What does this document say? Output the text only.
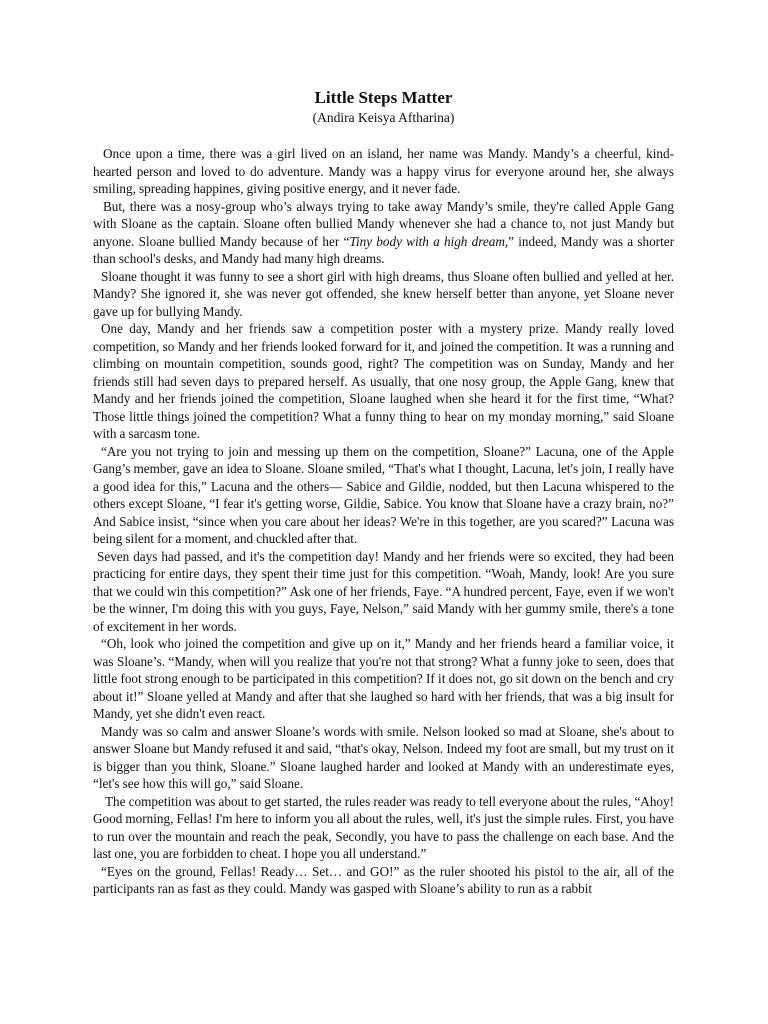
Little Steps Matter

(Andira Keisya Aftharina)

Once upon a time, there was a girl lived on an island, her name was Mandy. Mandy’s a cheerful, kind-hearted person and loved to do adventure. Mandy was a happy virus for everyone around her, she always smiling, spreading happines, giving positive energy, and it never fade.

But, there was a nosy-group who’s always trying to take away Mandy’s smile, they're called Apple Gang with Sloane as the captain. Sloane often bullied Mandy whenever she had a chance to, not just Mandy but anyone. Sloane bullied Mandy because of her “Tiny body with a high dream,” indeed, Mandy was a shorter than school's desks, and Mandy had many high dreams.

Sloane thought it was funny to see a short girl with high dreams, thus Sloane often bullied and yelled at her. Mandy? She ignored it, she was never got offended, she knew herself better than anyone, yet Sloane never gave up for bullying Mandy.

One day, Mandy and her friends saw a competition poster with a mystery prize. Mandy really loved competition, so Mandy and her friends looked forward for it, and joined the competition. It was a running and climbing on mountain competition, sounds good, right? The competition was on Sunday, Mandy and her friends still had seven days to prepared herself. As usually, that one nosy group, the Apple Gang, knew that Mandy and her friends joined the competition, Sloane laughed when she heard it for the first time, “What? Those little things joined the competition? What a funny thing to hear on my monday morning,” said Sloane with a sarcasm tone.

“Are you not trying to join and messing up them on the competition, Sloane?” Lacuna, one of the Apple Gang’s member, gave an idea to Sloane. Sloane smiled, “That's what I thought, Lacuna, let's join, I really have a good idea for this,” Lacuna and the others— Sabice and Gildie, nodded, but then Lacuna whispered to the others except Sloane, “I fear it's getting worse, Gildie, Sabice. You know that Sloane have a crazy brain, no?” And Sabice insist, “since when you care about her ideas? We're in this together, are you scared?” Lacuna was being silent for a moment, and chuckled after that.

Seven days had passed, and it's the competition day! Mandy and her friends were so excited, they had been practicing for entire days, they spent their time just for this competition. “Woah, Mandy, look! Are you sure that we could win this competition?” Ask one of her friends, Faye. “A hundred percent, Faye, even if we won't be the winner, I'm doing this with you guys, Faye, Nelson,” said Mandy with her gummy smile, there's a tone of excitement in her words.

“Oh, look who joined the competition and give up on it,” Mandy and her friends heard a familiar voice, it was Sloane’s. “Mandy, when will you realize that you're not that strong? What a funny joke to seen, does that little foot strong enough to be participated in this competition? If it does not, go sit down on the bench and cry about it!” Sloane yelled at Mandy and after that she laughed so hard with her friends, that was a big insult for Mandy, yet she didn't even react.

Mandy was so calm and answer Sloane’s words with smile. Nelson looked so mad at Sloane, she's about to answer Sloane but Mandy refused it and said, “that's okay, Nelson. Indeed my foot are small, but my trust on it is bigger than you think, Sloane.” Sloane laughed harder and looked at Mandy with an underestimate eyes, “let's see how this will go,” said Sloane.

The competition was about to get started, the rules reader was ready to tell everyone about the rules, “Ahoy! Good morning, Fellas! I'm here to inform you all about the rules, well, it's just the simple rules. First, you have to run over the mountain and reach the peak, Secondly, you have to pass the challenge on each base. And the last one, you are forbidden to cheat. I hope you all understand.”

“Eyes on the ground, Fellas! Ready… Set… and GO!” as the ruler shooted his pistol to the air, all of the participants ran as fast as they could. Mandy was gasped with Sloane’s ability to run as a rabbit
